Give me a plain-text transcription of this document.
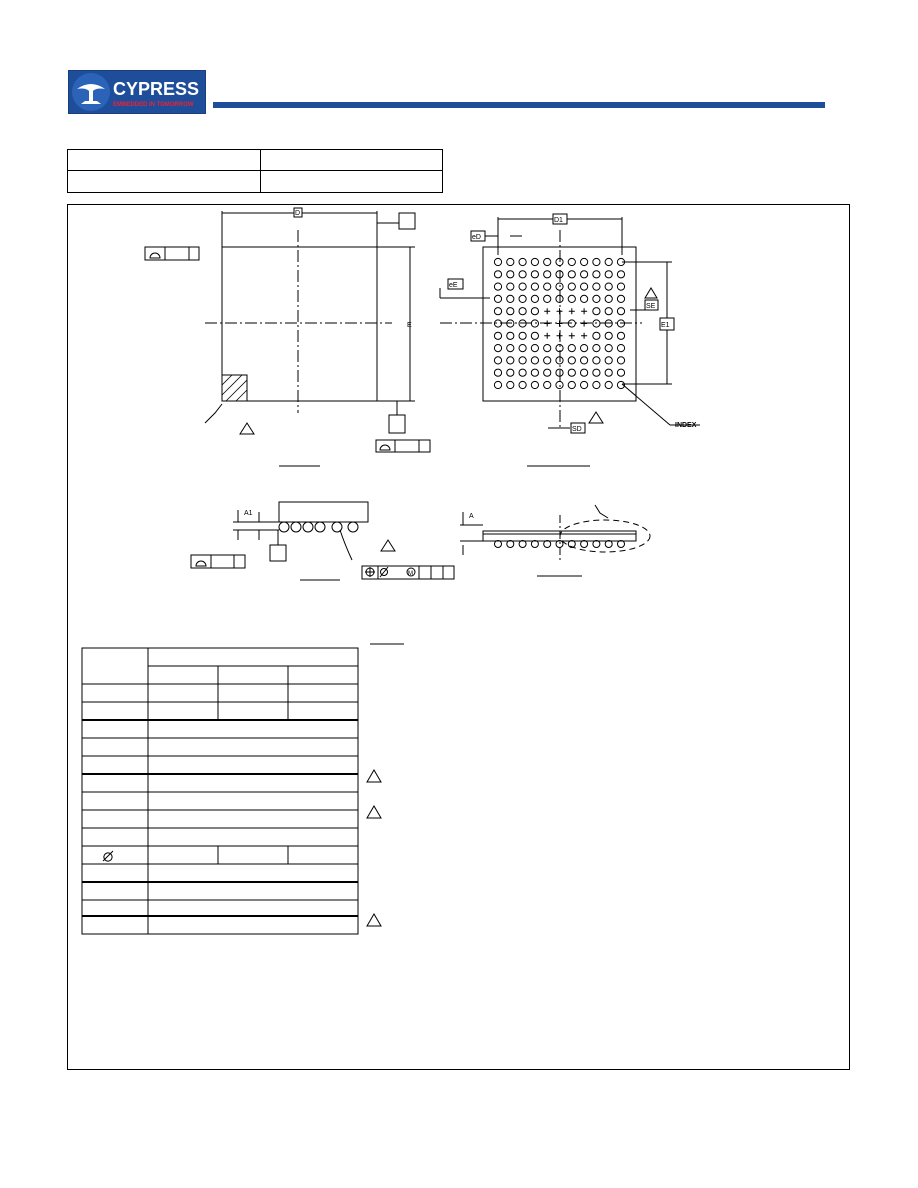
CYPRESS
EMBEDDED IN TOMORROW
D
E
D1
eD
eE
SE
E1
SD
INDEX
A1	A
M
